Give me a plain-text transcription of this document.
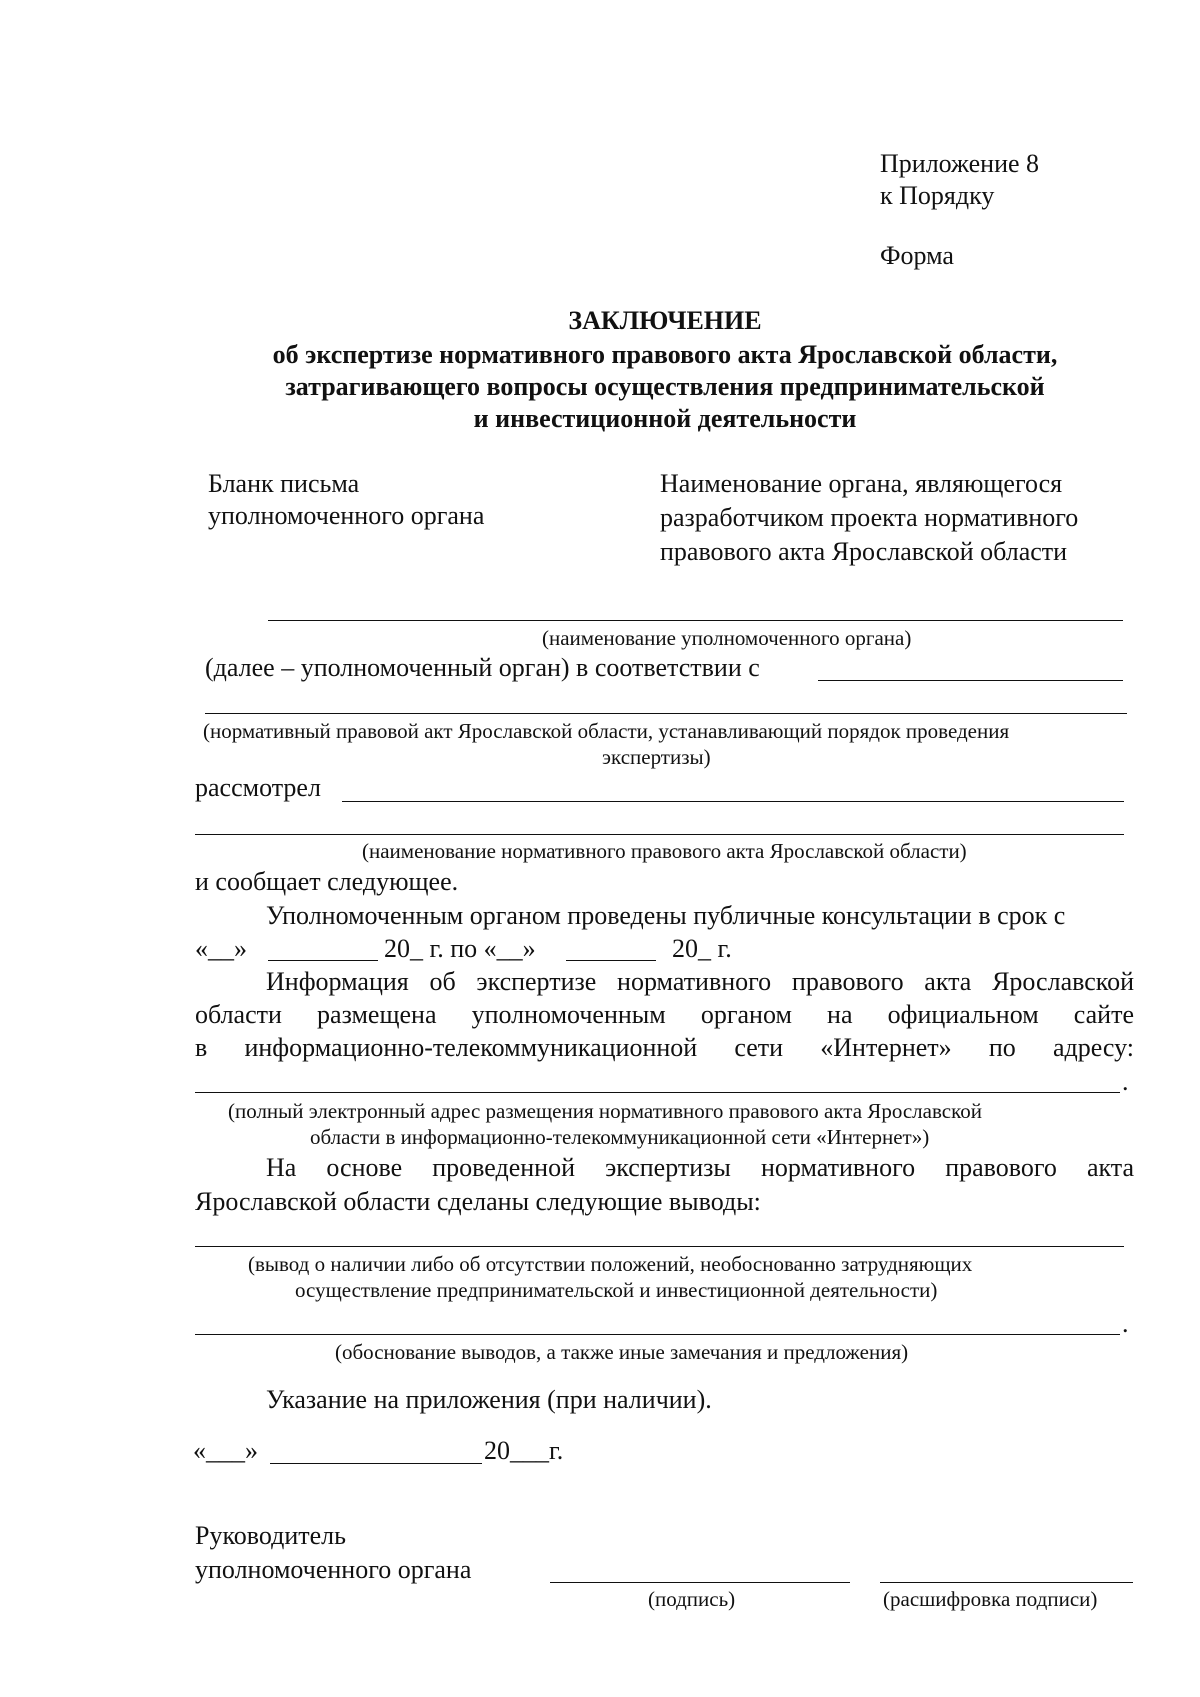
Приложение 8
к Порядку
Форма
ЗАКЛЮЧЕНИЕ
об экспертизе нормативного правового акта Ярославской области,
затрагивающего вопросы осуществления предпринимательской
и инвестиционной деятельности
Бланк письма
уполномоченного органа
Наименование органа, являющегося
разработчиком проекта нормативного
правового акта Ярославской области
(наименование уполномоченного органа)
(далее – уполномоченный орган) в соответствии с
(нормативный правовой акт Ярославской области, устанавливающий порядок проведения
экспертизы)
рассмотрел
(наименование нормативного правового акта Ярославской области)
и сообщает следующее.
Уполномоченным органом проведены публичные консультации в срок с
«__»	20_ г. по «__»	20_ г.
Информация об экспертизе нормативного правового акта Ярославской
области размещена уполномоченным органом на официальном сайте
в информационно-телекоммуникационной сети «Интернет» по адресу:
.
(полный электронный адрес размещения нормативного правового акта Ярославской
области в информационно-телекоммуникационной сети «Интернет»)
На основе проведенной экспертизы нормативного правового акта
Ярославской области сделаны следующие выводы:
(вывод о наличии либо об отсутствии положений, необоснованно затрудняющих
осуществление предпринимательской и инвестиционной деятельности)
.
(обоснование выводов, а также иные замечания и предложения)
Указание на приложения (при наличии).
«___»	20___г.
Руководитель
уполномоченного органа
(подпись)	(расшифровка подписи)
